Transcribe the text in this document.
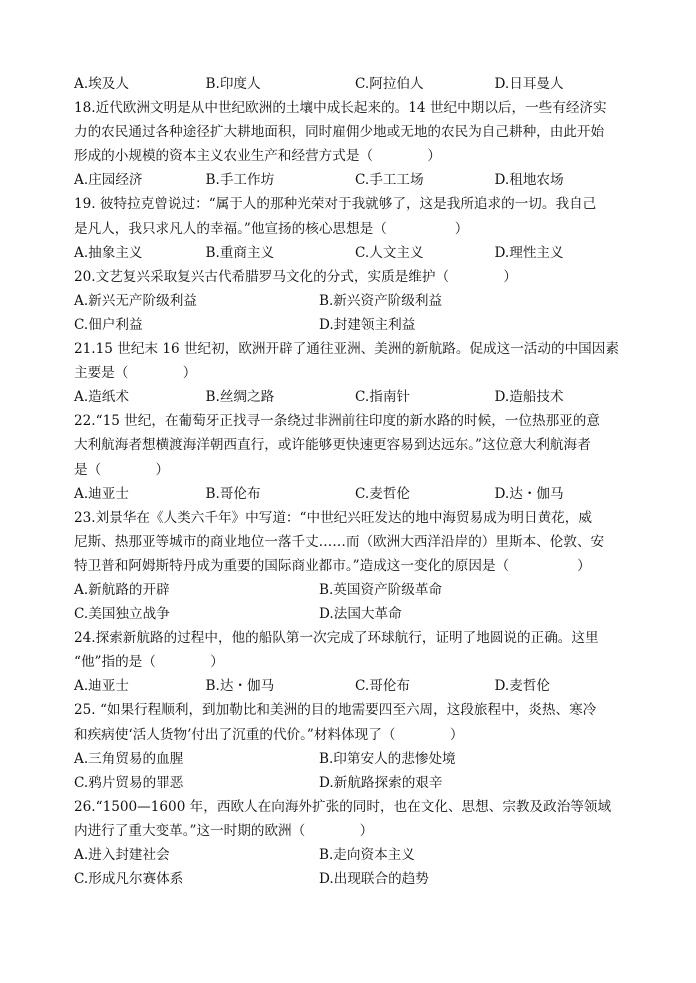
A.埃及人	B.印度人	C.阿拉伯人	D.日耳曼人
18.近代欧洲文明是从中世纪欧洲的土壤中成长起来的。14 世纪中期以后，一些有经济实
力的农民通过各种途径扩大耕地面积，同时雇佣少地或无地的农民为自己耕种，由此开始
形成的小规模的资本主义农业生产和经营方式是（　　　　）
A.庄园经济	B.手工作坊	C.手工工场	D.租地农场
19. 彼特拉克曾说过：“属于人的那种光荣对于我就够了，这是我所追求的一切。我自己
是凡人，我只求凡人的幸福。”他宣扬的核心思想是（　　　　　）
A.抽象主义	B.重商主义	C.人文主义	D.理性主义
20.文艺复兴采取复兴古代希腊罗马文化的分式，实质是维护（　　　　）
A.新兴无产阶级利益	B.新兴资产阶级利益
C.佃户利益	D.封建领主利益
21.15 世纪末 16 世纪初，欧洲开辟了通往亚洲、美洲的新航路。促成这一活动的中国因素
主要是（　　　　）
A.造纸术	B.丝绸之路	C.指南针	D.造船技术
22.“15 世纪，在葡萄牙正找寻一条绕过非洲前往印度的新水路的时候，一位热那亚的意
大利航海者想横渡海洋朝西直行，或许能够更快速更容易到达远东。”这位意大利航海者
是（　　　　）
A.迪亚士	B.哥伦布	C.麦哲伦	D.达・伽马
23.刘景华在《人类六千年》中写道：“中世纪兴旺发达的地中海贸易成为明日黄花，威
尼斯、热那亚等城市的商业地位一落千丈……而（欧洲大西洋沿岸的）里斯本、伦敦、安
特卫普和阿姆斯特丹成为重要的国际商业都市。”造成这一变化的原因是（　　　　　）
A.新航路的开辟	B.英国资产阶级革命
C.美国独立战争	D.法国大革命
24.探索新航路的过程中，他的船队第一次完成了环球航行，证明了地圆说的正确。这里
“他”指的是（　　　　）
A.迪亚士	B.达・伽马	C.哥伦布	D.麦哲伦
25. “如果行程顺利，到加勒比和美洲的目的地需要四至六周，这段旅程中，炎热、寒冷
和疾病使‘活人货物’付出了沉重的代价。”材料体现了（　　　　）
A.三角贸易的血腥	B.印第安人的悲惨处境
C.鸦片贸易的罪恶	D.新航路探索的艰辛
26.“1500—1600 年，西欧人在向海外扩张的同时，也在文化、思想、宗教及政治等领域
内进行了重大变革。”这一时期的欧洲（　　　　）
A.进入封建社会	B.走向资本主义
C.形成凡尔赛体系	D.出现联合的趋势
